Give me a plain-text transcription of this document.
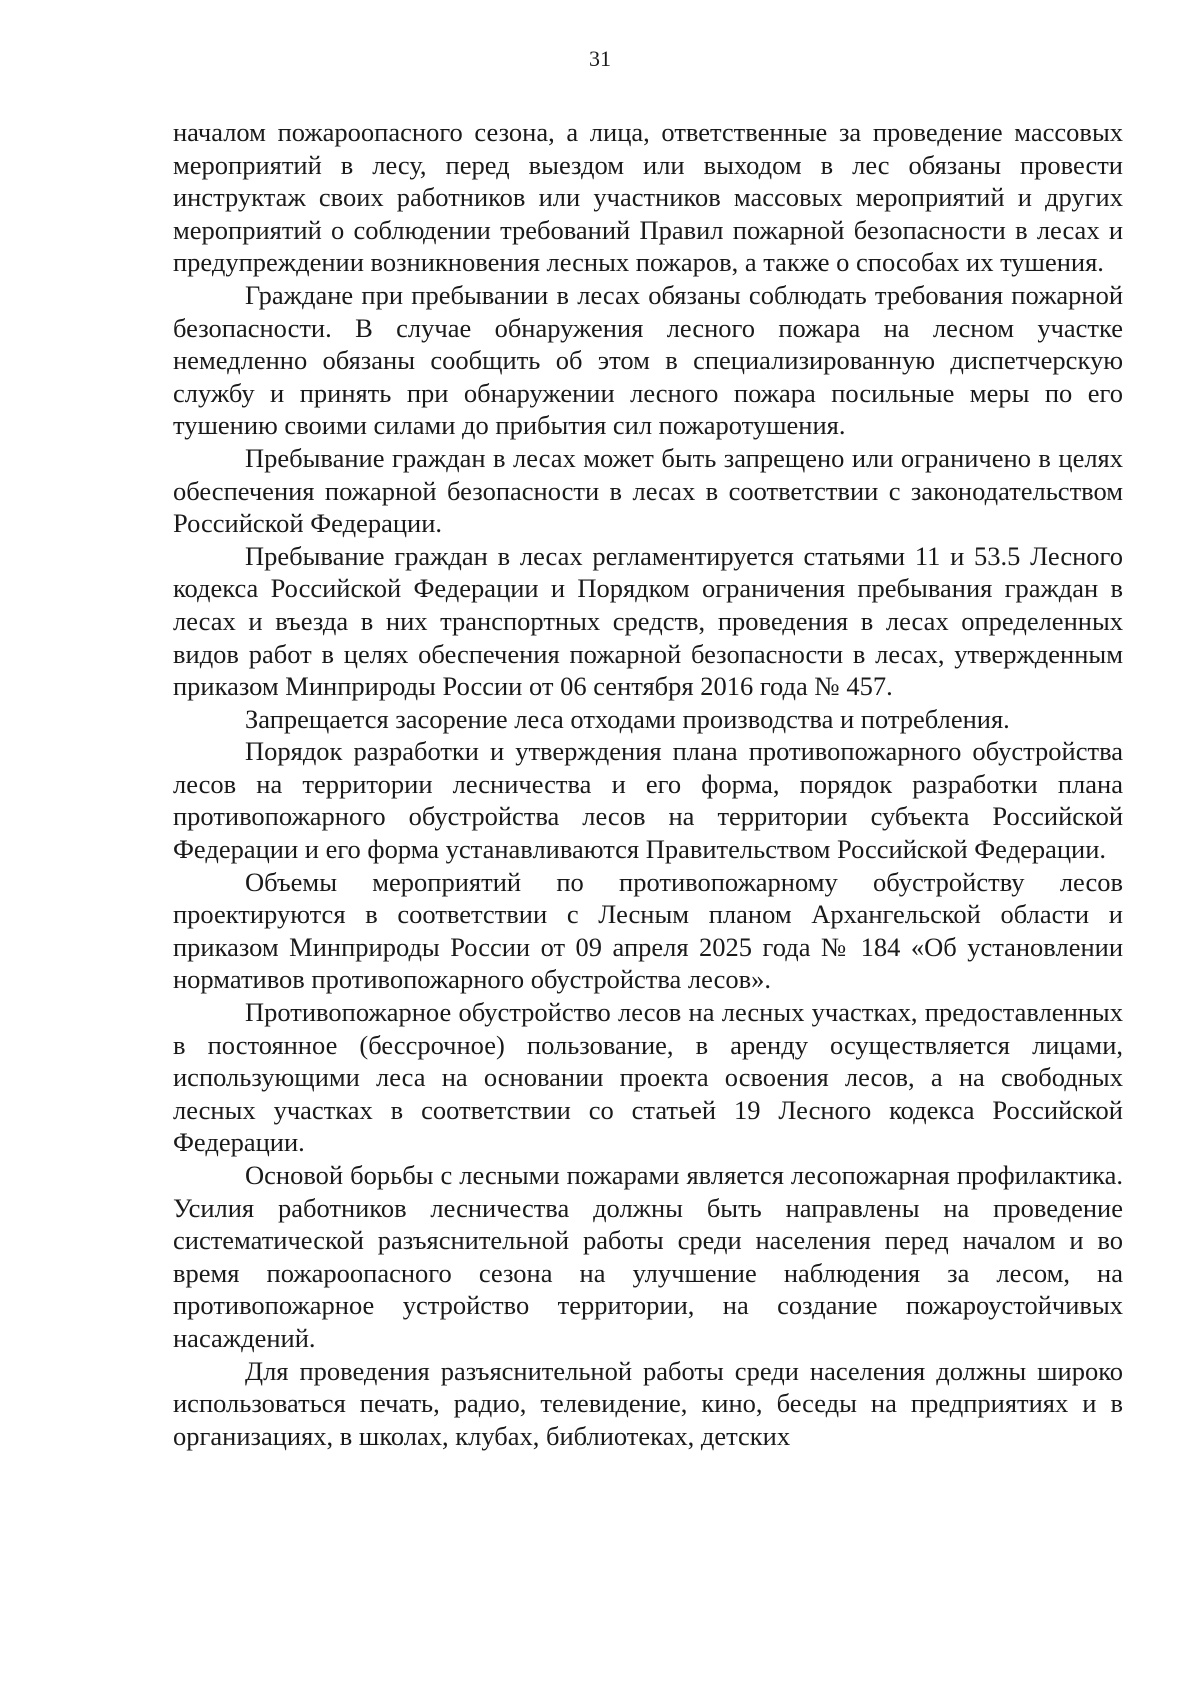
31

началом пожароопасного сезона, а лица, ответственные за проведение массовых мероприятий в лесу, перед выездом или выходом в лес обязаны провести инструктаж своих работников или участников массовых мероприятий и других мероприятий о соблюдении требований Правил пожарной безопасности в лесах и предупреждении возникновения лесных пожаров, а также о способах их тушения.

Граждане при пребывании в лесах обязаны соблюдать требования пожарной безопасности. В случае обнаружения лесного пожара на лесном участке немедленно обязаны сообщить об этом в специализированную диспетчерскую службу и принять при обнаружении лесного пожара посильные меры по его тушению своими силами до прибытия сил пожаротушения.

Пребывание граждан в лесах может быть запрещено или ограничено в целях обеспечения пожарной безопасности в лесах в соответствии с законодательством Российской Федерации.

Пребывание граждан в лесах регламентируется статьями 11 и 53.5 Лесного кодекса Российской Федерации и Порядком ограничения пребывания граждан в лесах и въезда в них транспортных средств, проведения в лесах определенных видов работ в целях обеспечения пожарной безопасности в лесах, утвержденным приказом Минприроды России от 06 сентября 2016 года № 457.

Запрещается засорение леса отходами производства и потребления.

Порядок разработки и утверждения плана противопожарного обустройства лесов на территории лесничества и его форма, порядок разработки плана противопожарного обустройства лесов на территории субъекта Российской Федерации и его форма устанавливаются Правительством Российской Федерации.

Объемы мероприятий по противопожарному обустройству лесов проектируются в соответствии с Лесным планом Архангельской области и приказом Минприроды России от 09 апреля 2025 года № 184 «Об установлении нормативов противопожарного обустройства лесов».

Противопожарное обустройство лесов на лесных участках, предоставленных в постоянное (бессрочное) пользование, в аренду осуществляется лицами, использующими леса на основании проекта освоения лесов, а на свободных лесных участках в соответствии со статьей 19 Лесного кодекса Российской Федерации.

Основой борьбы с лесными пожарами является лесопожарная профилактика. Усилия работников лесничества должны быть направлены на проведение систематической разъяснительной работы среди населения перед началом и во время пожароопасного сезона на улучшение наблюдения за лесом, на противопожарное устройство территории, на создание пожароустойчивых насаждений.

Для проведения разъяснительной работы среди населения должны широко использоваться печать, радио, телевидение, кино, беседы на предприятиях и в организациях, в школах, клубах, библиотеках, детских
